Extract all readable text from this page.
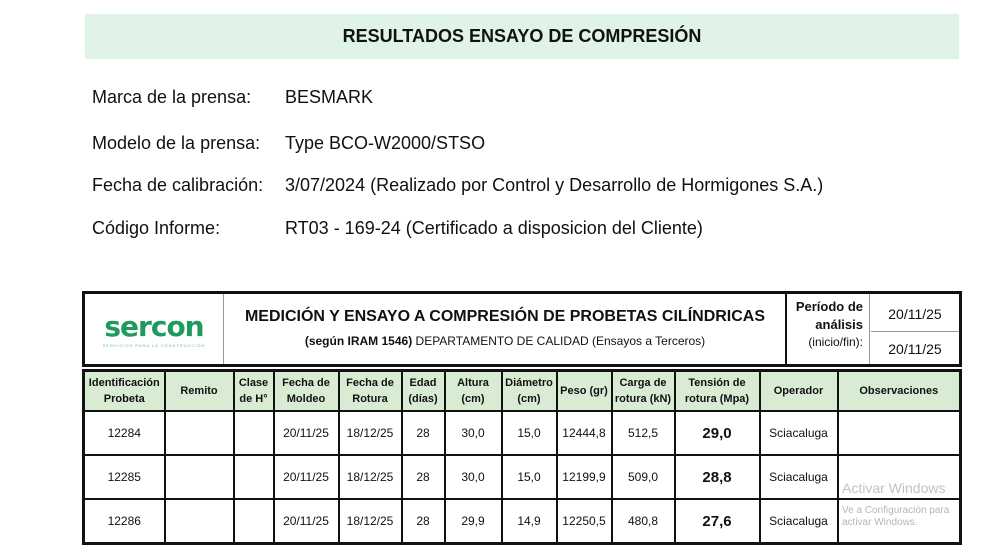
RESULTADOS ENSAYO DE COMPRESIÓN
Marca de la prensa: BESMARK
Modelo de la prensa: Type BCO-W2000/STSO
Fecha de calibración: 3/07/2024 (Realizado por Control y Desarrollo de Hormigones S.A.)
Código Informe:	RT03 - 169-24 (Certificado a disposicion del Cliente)
sercon
SERVICIOS PARA LA CONSTRUCCIÓN
MEDICIÓN Y ENSAYO A COMPRESIÓN DE PROBETAS CILÍNDRICAS
(según IRAM 1546) DEPARTAMENTO DE CALIDAD (Ensayos a Terceros)
Período de análisis
(inicio/fin):
20/11/25
20/11/25
Identificación Probeta	Remito	Clase de H°	Fecha de Moldeo	Fecha de Rotura	Edad (días)	Altura (cm)	Diámetro (cm)	Peso (gr)	Carga de rotura (kN)	Tensión de rotura (Mpa)	Operador	Observaciones
12284			20/11/25	18/12/25	28	30,0	15,0	12444,8	512,5	29,0	Sciacaluga	
12285			20/11/25	18/12/25	28	30,0	15,0	12199,9	509,0	28,8	Sciacaluga	
12286			20/11/25	18/12/25	28	29,9	14,9	12250,5	480,8	27,6	Sciacaluga	
Activar Windows
Ve a Configuración para activar Windows.
